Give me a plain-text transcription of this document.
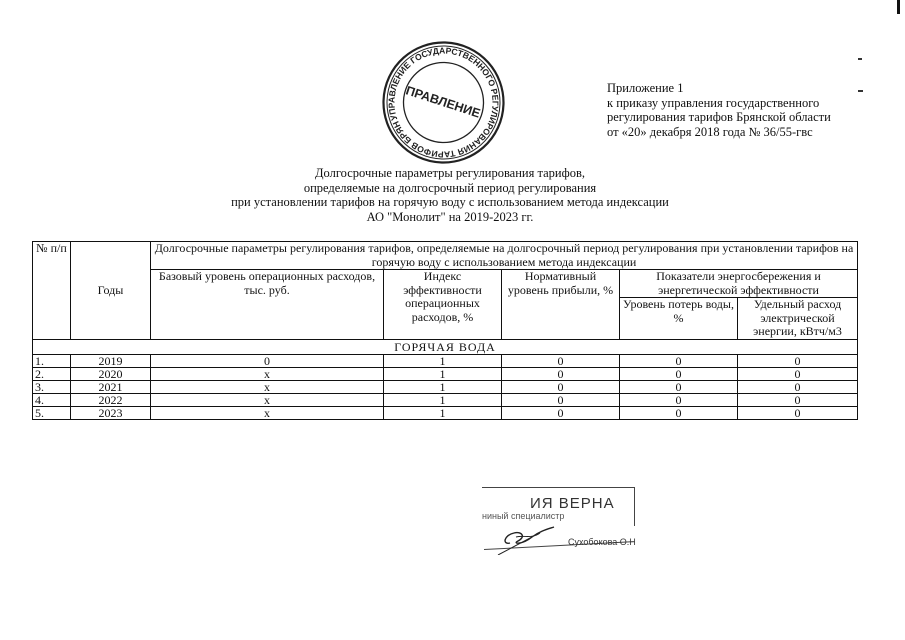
УПРАВЛЕНИЕ ГОСУДАРСТВЕННОГО РЕГУЛИРОВАНИЯ ТАРИФОВ БРЯНСКОЙ
ПРАВЛЕНИЕ	Приложение 1
к приказу управления государственного
регулирования тарифов Брянской области
от «20» декабря 2018 года № 36/55-гвс
Долгосрочные параметры регулирования тарифов,
определяемые на долгосрочный период регулирования
при установлении тарифов на горячую воду с использованием метода индексации
АО "Монолит" на 2019-2023 гг.
№ п/п	Годы	Долгосрочные параметры регулирования тарифов, определяемые на долгосрочный период регулирования при установлении тарифов на горячую воду с использованием метода индексации				
		Базовый уровень операционных расходов, тыс. руб.	Индекс эффективности операционных расходов, %	Нормативный уровень прибыли, %	Показатели энергосбережения и энергетической эффективности	
					Уровень потерь воды, %	Удельный расход электрической энергии, кВтч/м3
ГОРЯЧАЯ ВОДА						
1.	2019	0	1	0	0	0
2.	2020	x	1	0	0	0
3.	2021	x	1	0	0	0
4.	2022	x	1	0	0	0
5.	2023	x	1	0	0	0
ИЯ ВЕРНА
ниный специалистр
Сухобокова О.Н
